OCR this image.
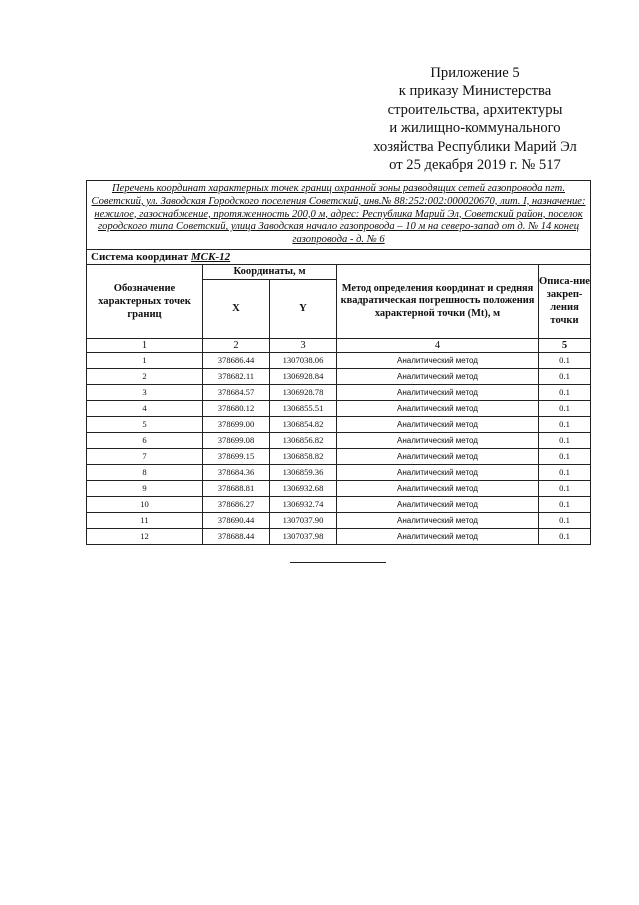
Приложение 5
к приказу Министерства
строительства, архитектуры
и жилищно-коммунального
хозяйства Республики Марий Эл
от 25 декабря 2019 г. № 517
Перечень координат характерных точек границ охранной зоны разводящих сетей газопровода пгт. Советский, ул. Заводская Городского поселения Советский, инв.№ 88:252:002:000020670, лит. I, назначение: нежилое, газоснабжение, протяженность 200,0 м, адрес: Республика Марий Эл, Советский район, поселок городского типа Советский, улица Заводская начало газопровода – 10 м на северо-запад от д. № 14 конец газопровода - д. № 6				
Система координат МСК-12				
Обозначение характерных точек границ	Координаты, м		Метод определения координат и средняя квадратическая погрешность положения характерной точки (Mt), м	Описа-ние закреп-ления точки
	X	Y		
1	2	3	4	5
1	378686.44	1307038.06	Аналитический метод	0.1
2	378682.11	1306928.84	Аналитический метод	0.1
3	378684.57	1306928.78	Аналитический метод	0.1
4	378680.12	1306855.51	Аналитический метод	0.1
5	378699.00	1306854.82	Аналитический метод	0.1
6	378699.08	1306856.82	Аналитический метод	0.1
7	378699.15	1306858.82	Аналитический метод	0.1
8	378684.36	1306859.36	Аналитический метод	0.1
9	378688.81	1306932.68	Аналитический метод	0.1
10	378686.27	1306932.74	Аналитический метод	0.1
11	378690.44	1307037.90	Аналитический метод	0.1
12	378688.44	1307037.98	Аналитический метод	0.1
